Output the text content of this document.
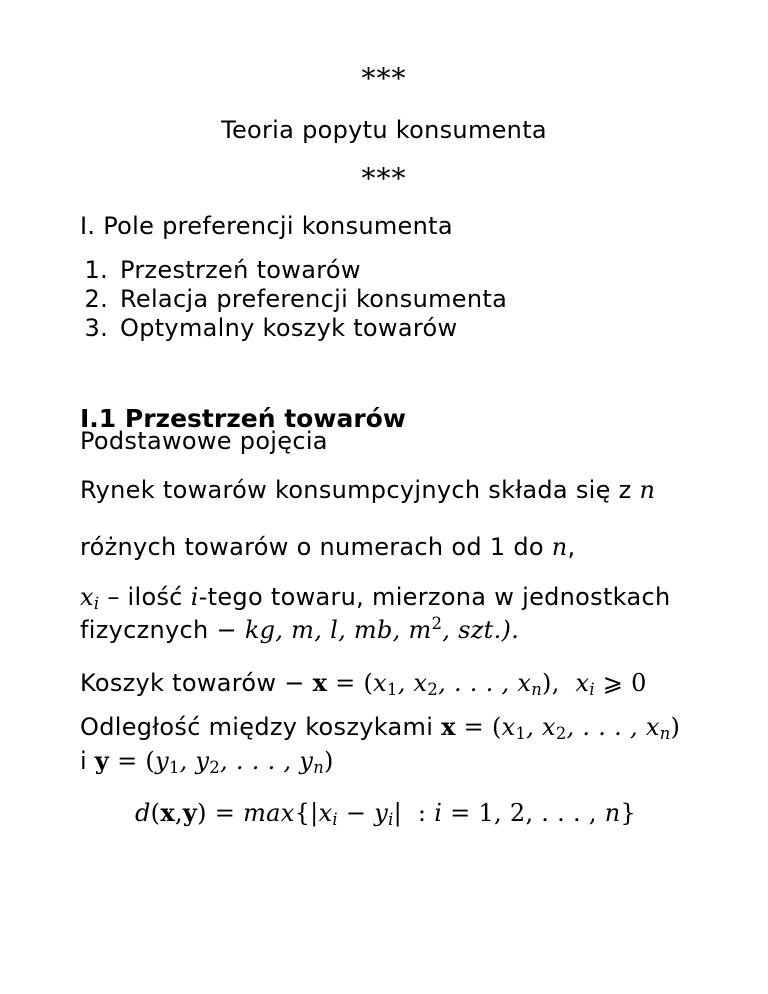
***
Teoria popytu konsumenta
***
I. Pole preferencji konsumenta
1. Przestrzeń towarów
2. Relacja preferencji konsumenta
3. Optymalny koszyk towarów
I.1 Przestrzeń towarów
Podstawowe pojęcia
Rynek towarów konsumpcyjnych składa się z n
różnych towarów o numerach od 1 do n,
$x_i$ – ilość i-tego towaru, mierzona w jednostkach
fizycznych − kg, m, l, mb, $m^2$, szt.).
Koszyk towarów − $x = (x_1$, $x_2$, . . . , $x_n$),  $x_i$ ⩾ 0
Odległość między koszykami $x = (x_1$, $x_2$, . . . , $x_n$)
i $y = (y_1$, $y_2$, . . . , $y_n$)
$d(x,y) = \max\{|x_i - y_i|$ : i = 1, 2, . . . , n}
